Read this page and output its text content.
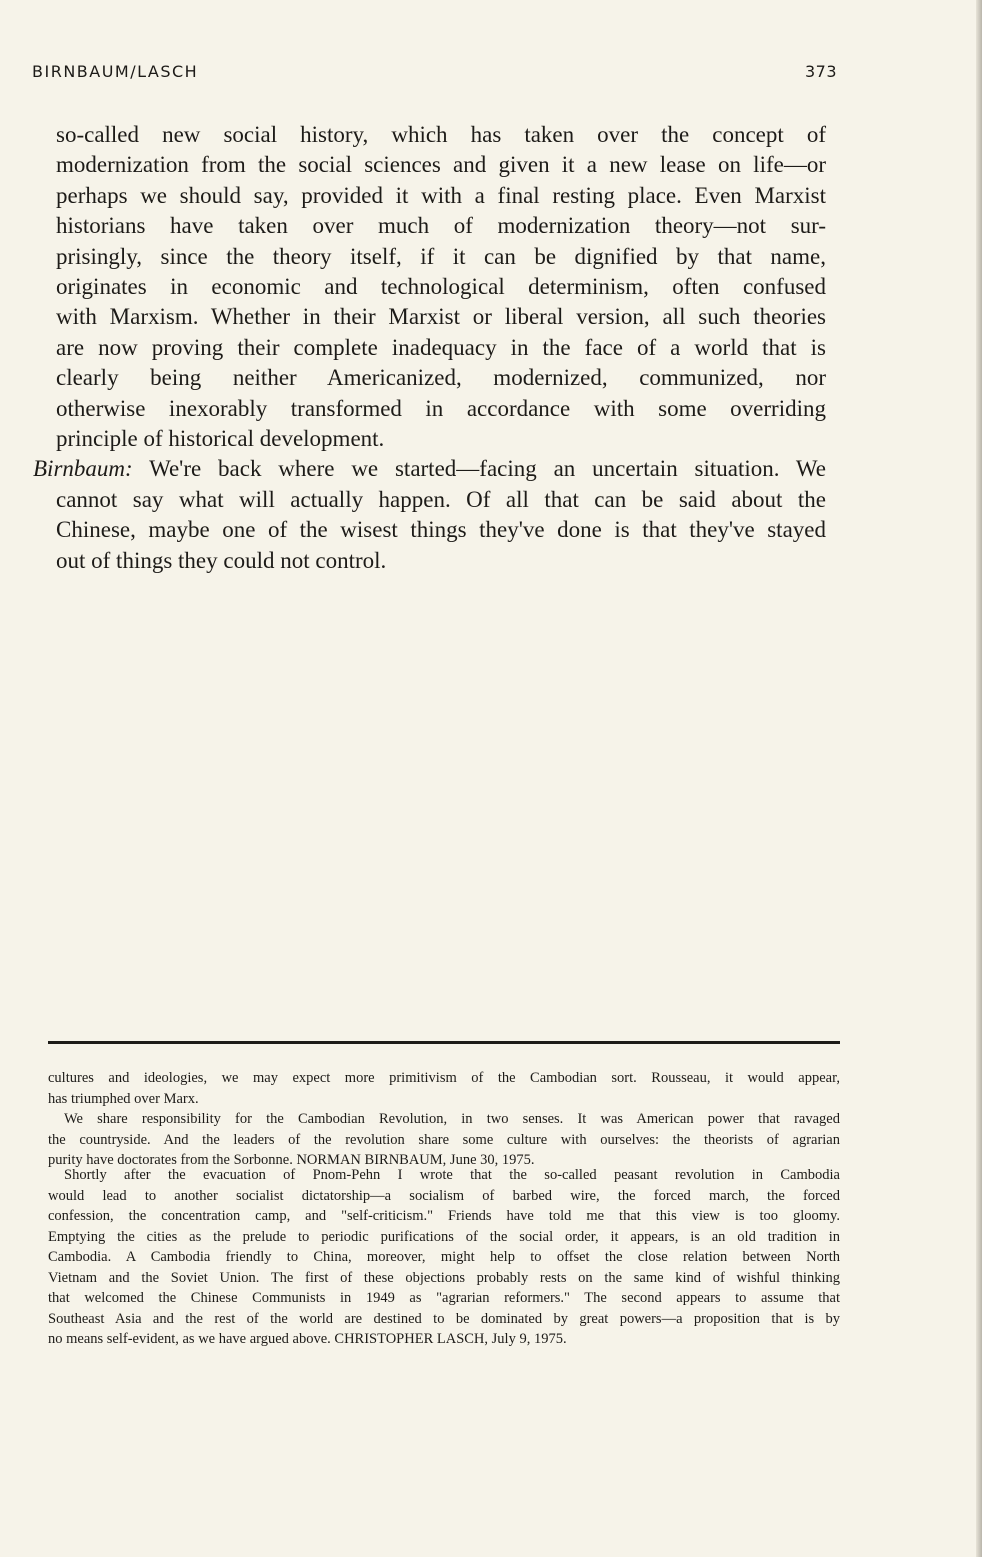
BIRNBAUM/LASCH	373
so-called new social history, which has taken over the concept of
modernization from the social sciences and given it a new lease on life—or
perhaps we should say, provided it with a final resting place. Even Marxist
historians have taken over much of modernization theory—not sur-
prisingly, since the theory itself, if it can be dignified by that name,
originates in economic and technological determinism, often confused
with Marxism. Whether in their Marxist or liberal version, all such theories
are now proving their complete inadequacy in the face of a world that is
clearly being neither Americanized, modernized, communized, nor
otherwise inexorably transformed in accordance with some overriding
principle of historical development.
Birnbaum: We're back where we started—facing an uncertain situation. We
cannot say what will actually happen. Of all that can be said about the
Chinese, maybe one of the wisest things they've done is that they've stayed
out of things they could not control.
cultures and ideologies, we may expect more primitivism of the Cambodian sort. Rousseau, it would appear,
has triumphed over Marx.
We share responsibility for the Cambodian Revolution, in two senses. It was American power that ravaged
the countryside. And the leaders of the revolution share some culture with ourselves: the theorists of agrarian
purity have doctorates from the Sorbonne. NORMAN BIRNBAUM, June 30, 1975.
Shortly after the evacuation of Pnom-Pehn I wrote that the so-called peasant revolution in Cambodia
would lead to another socialist dictatorship—a socialism of barbed wire, the forced march, the forced
confession, the concentration camp, and "self-criticism." Friends have told me that this view is too gloomy.
Emptying the cities as the prelude to periodic purifications of the social order, it appears, is an old tradition in
Cambodia. A Cambodia friendly to China, moreover, might help to offset the close relation between North
Vietnam and the Soviet Union. The first of these objections probably rests on the same kind of wishful thinking
that welcomed the Chinese Communists in 1949 as "agrarian reformers." The second appears to assume that
Southeast Asia and the rest of the world are destined to be dominated by great powers—a proposition that is by
no means self-evident, as we have argued above. CHRISTOPHER LASCH, July 9, 1975.
